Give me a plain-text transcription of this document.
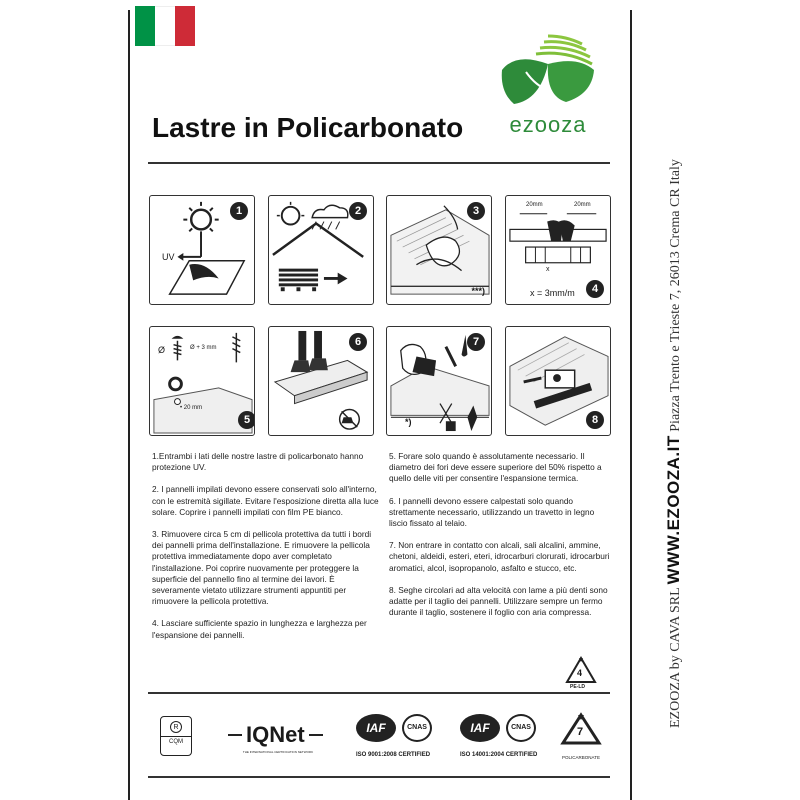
ezooza
Lastre in Policarbonato
1
UV
2	3
***)	4
20mm	20mm
x
x = 3mm/m
Ø	Ø + 3 mm
• 20 mm
5
6	7
*)	8

1.Entrambi i lati delle nostre lastre di policarbonato hanno protezione UV.

2. I pannelli impilati devono essere conservati solo all'interno, con le estremità sigillate. Evitare l'esposizione diretta alla luce solare. Coprire i pannelli impilati con film PE bianco.

3. Rimuovere circa 5 cm di pellicola protettiva da tutti i bordi dei pannelli prima dell'installazione. E rimuovere la pellicola protettiva immediatamente dopo aver completato l'installazione. Poi coprire nuovamente per proteggere la superficie del pannello fino al termine dei lavori. È severamente vietato utilizzare strumenti appuntiti per rimuovere la pellicola protettiva.

4. Lasciare sufficiente spazio in lunghezza e larghezza per l'espansione dei pannelli.

5. Forare solo quando è assolutamente necessario. Il diametro dei fori deve essere superiore del 50% rispetto a quello delle viti per consentire l'espansione termica.

6. I pannelli devono essere calpestati solo quando strettamente necessario, utilizzando un travetto in legno liscio fissato al telaio.

7. Non entrare in contatto con alcali, sali alcalini, ammine, chetoni, aldeidi, esteri, eteri, idrocarburi clorurati, idrocarburi aromatici, alcol, isopropanolo, asfalto e stucco, etc.

8. Seghe circolari ad alta velocità con lame a più denti sono adatte per il taglio dei pannelli. Utilizzare sempre un fermo durante il taglio, sostenere il foglio con aria compressa.

4
PE-LD
R
CQM	IQNet
THE INTERNATIONAL CERTIFICATION NETWORK
IAF	CNAS
ISO 9001:2008 CERTIFIED
IAF	CNAS
ISO 14001:2004 CERTIFIED
7
POLICARBONATE
EZOOZA by CAVA SRL WWW.EZOOZA.IT Piazza Trento e Trieste 7, 26013 Crema CR Italy
